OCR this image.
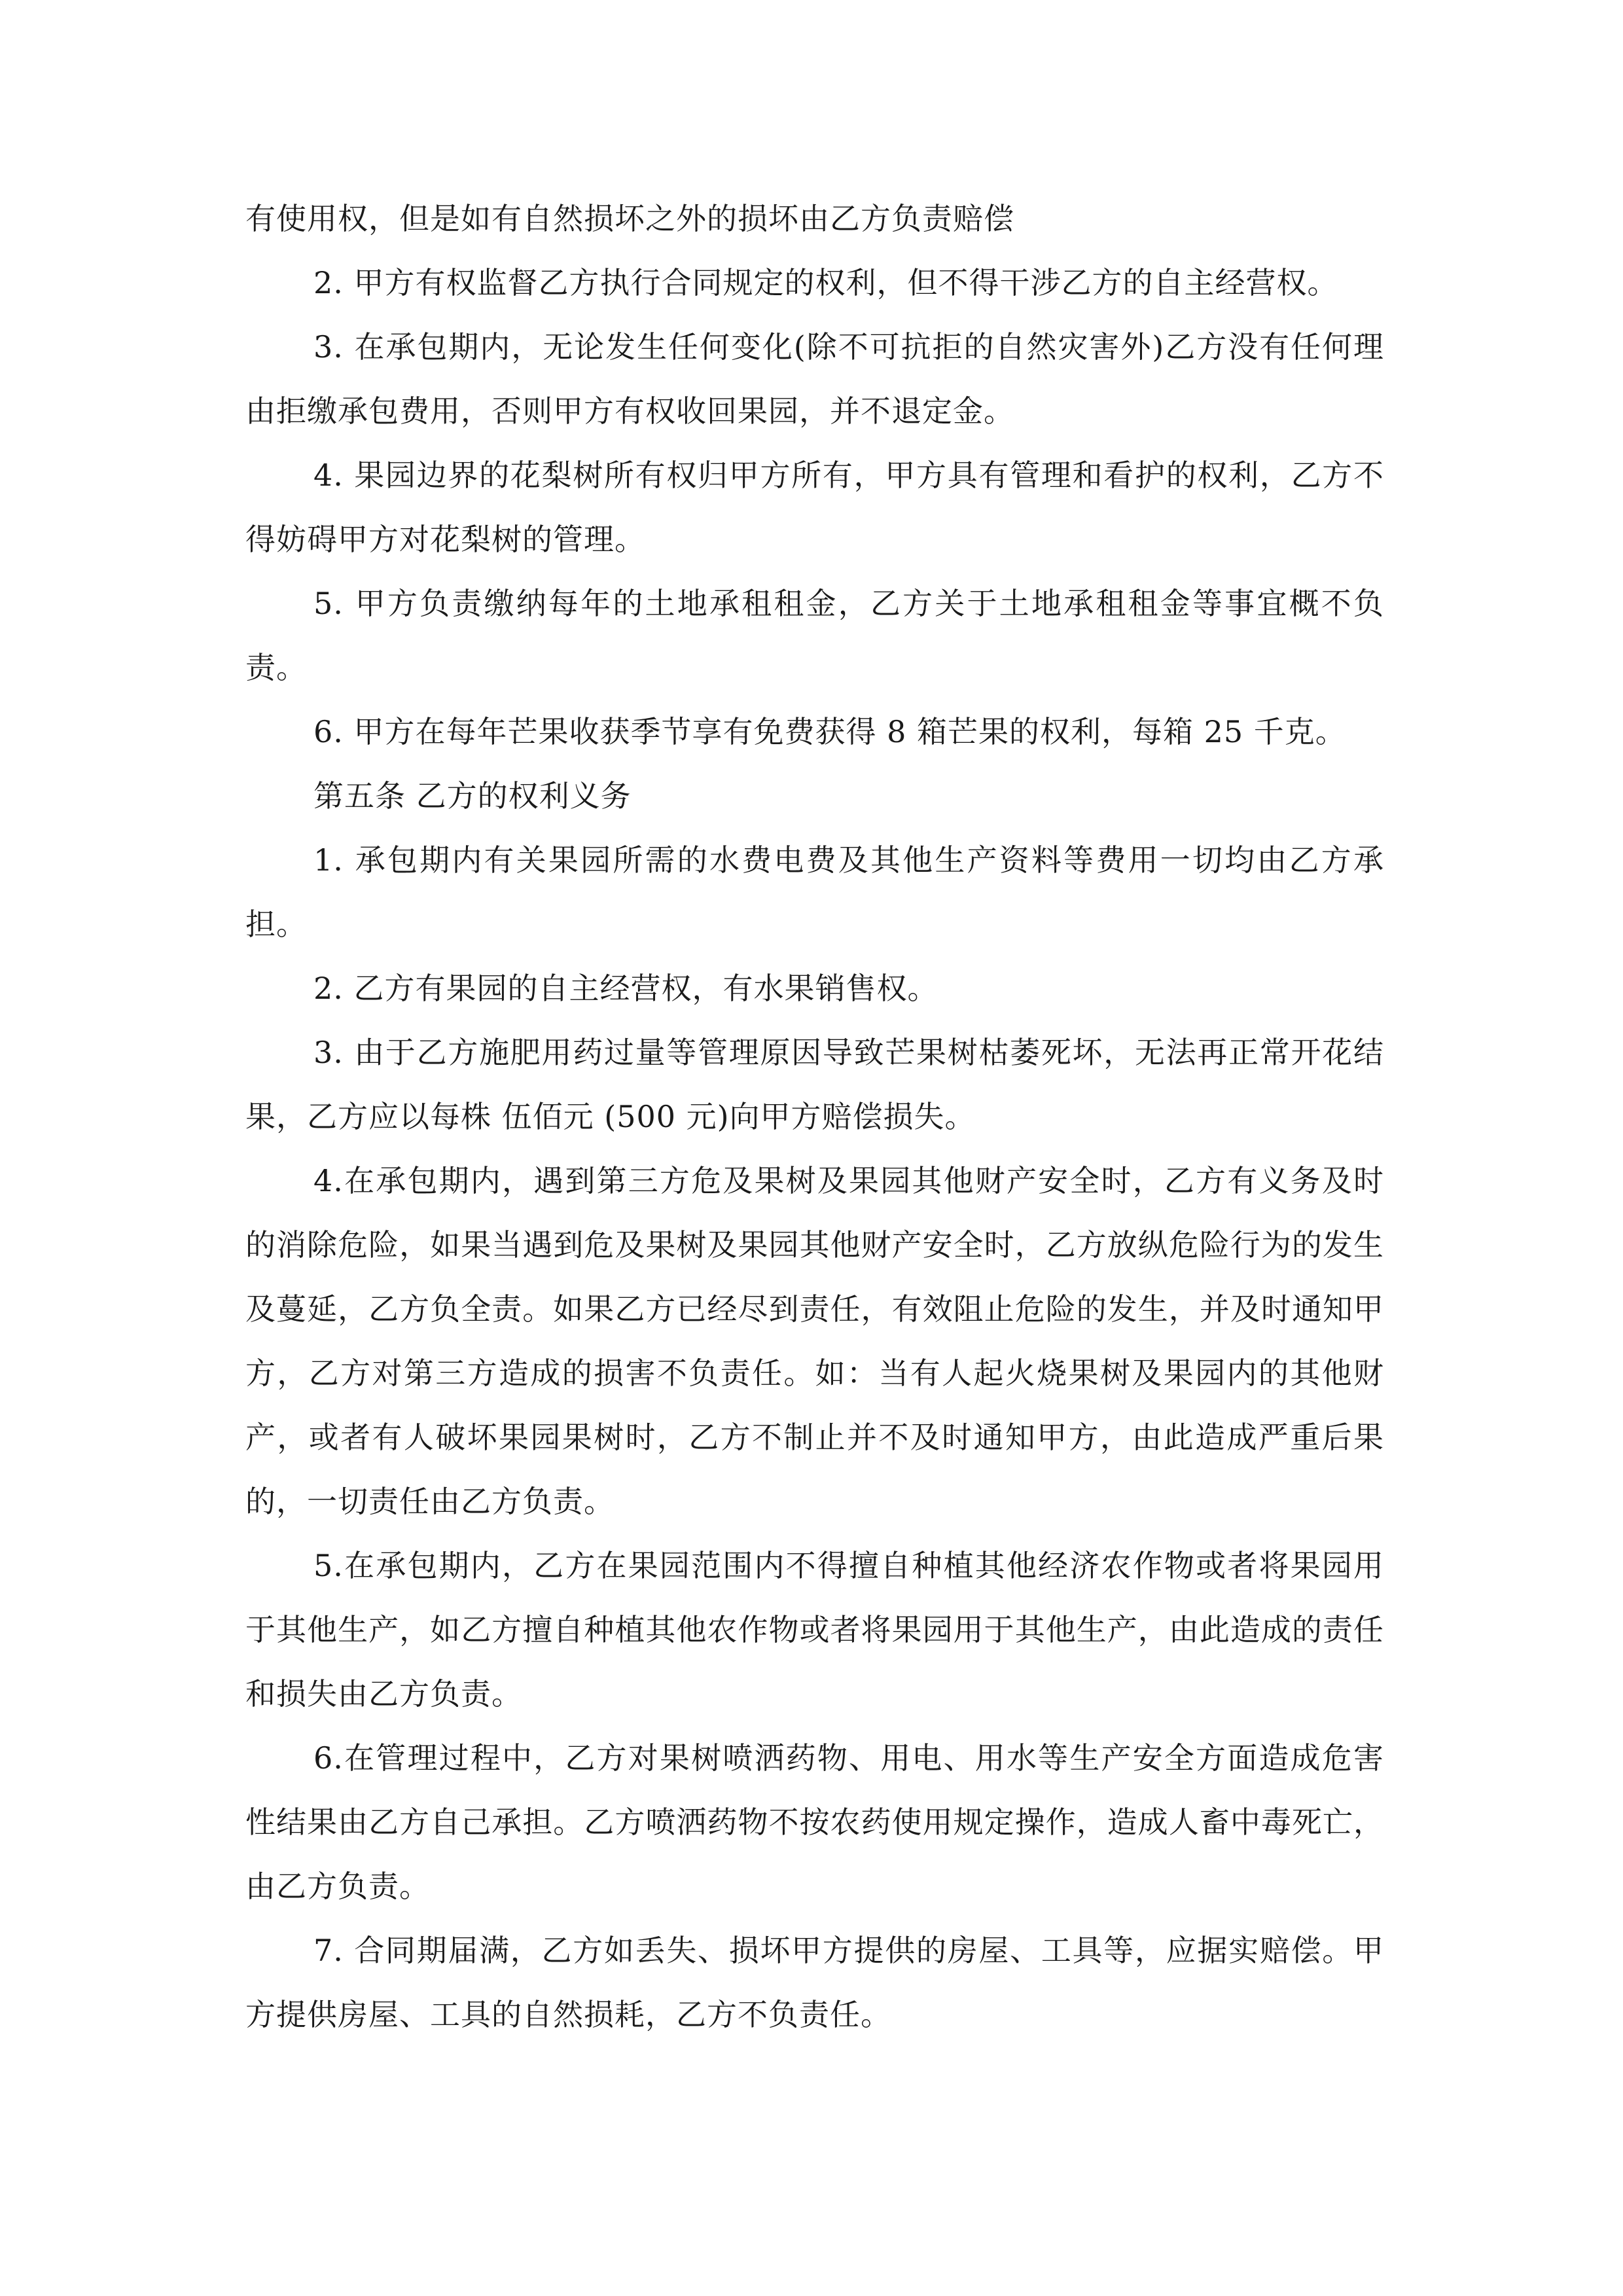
有使用权，但是如有自然损坏之外的损坏由乙方负责赔偿

2. 甲方有权监督乙方执行合同规定的权利，但不得干涉乙方的自主经营权。

3. 在承包期内，无论发生任何变化(除不可抗拒的自然灾害外)乙方没有任何理由拒缴承包费用，否则甲方有权收回果园，并不退定金。

4. 果园边界的花梨树所有权归甲方所有，甲方具有管理和看护的权利，乙方不得妨碍甲方对花梨树的管理。

5. 甲方负责缴纳每年的土地承租租金，乙方关于土地承租租金等事宜概不负责。

6. 甲方在每年芒果收获季节享有免费获得 8 箱芒果的权利，每箱 25 千克。

第五条 乙方的权利义务

1. 承包期内有关果园所需的水费电费及其他生产资料等费用一切均由乙方承担。

2. 乙方有果园的自主经营权，有水果销售权。

3. 由于乙方施肥用药过量等管理原因导致芒果树枯萎死坏，无法再正常开花结果，乙方应以每株 伍佰元 (500 元)向甲方赔偿损失。

4.在承包期内，遇到第三方危及果树及果园其他财产安全时，乙方有义务及时的消除危险，如果当遇到危及果树及果园其他财产安全时，乙方放纵危险行为的发生及蔓延，乙方负全责。如果乙方已经尽到责任，有效阻止危险的发生，并及时通知甲方，乙方对第三方造成的损害不负责任。如：当有人起火烧果树及果园内的其他财产，或者有人破坏果园果树时，乙方不制止并不及时通知甲方，由此造成严重后果的，一切责任由乙方负责。

5.在承包期内，乙方在果园范围内不得擅自种植其他经济农作物或者将果园用于其他生产，如乙方擅自种植其他农作物或者将果园用于其他生产，由此造成的责任和损失由乙方负责。

6.在管理过程中，乙方对果树喷洒药物、用电、用水等生产安全方面造成危害性结果由乙方自己承担。乙方喷洒药物不按农药使用规定操作，造成人畜中毒死亡，由乙方负责。

7. 合同期届满，乙方如丢失、损坏甲方提供的房屋、工具等，应据实赔偿。甲方提供房屋、工具的自然损耗，乙方不负责任。
